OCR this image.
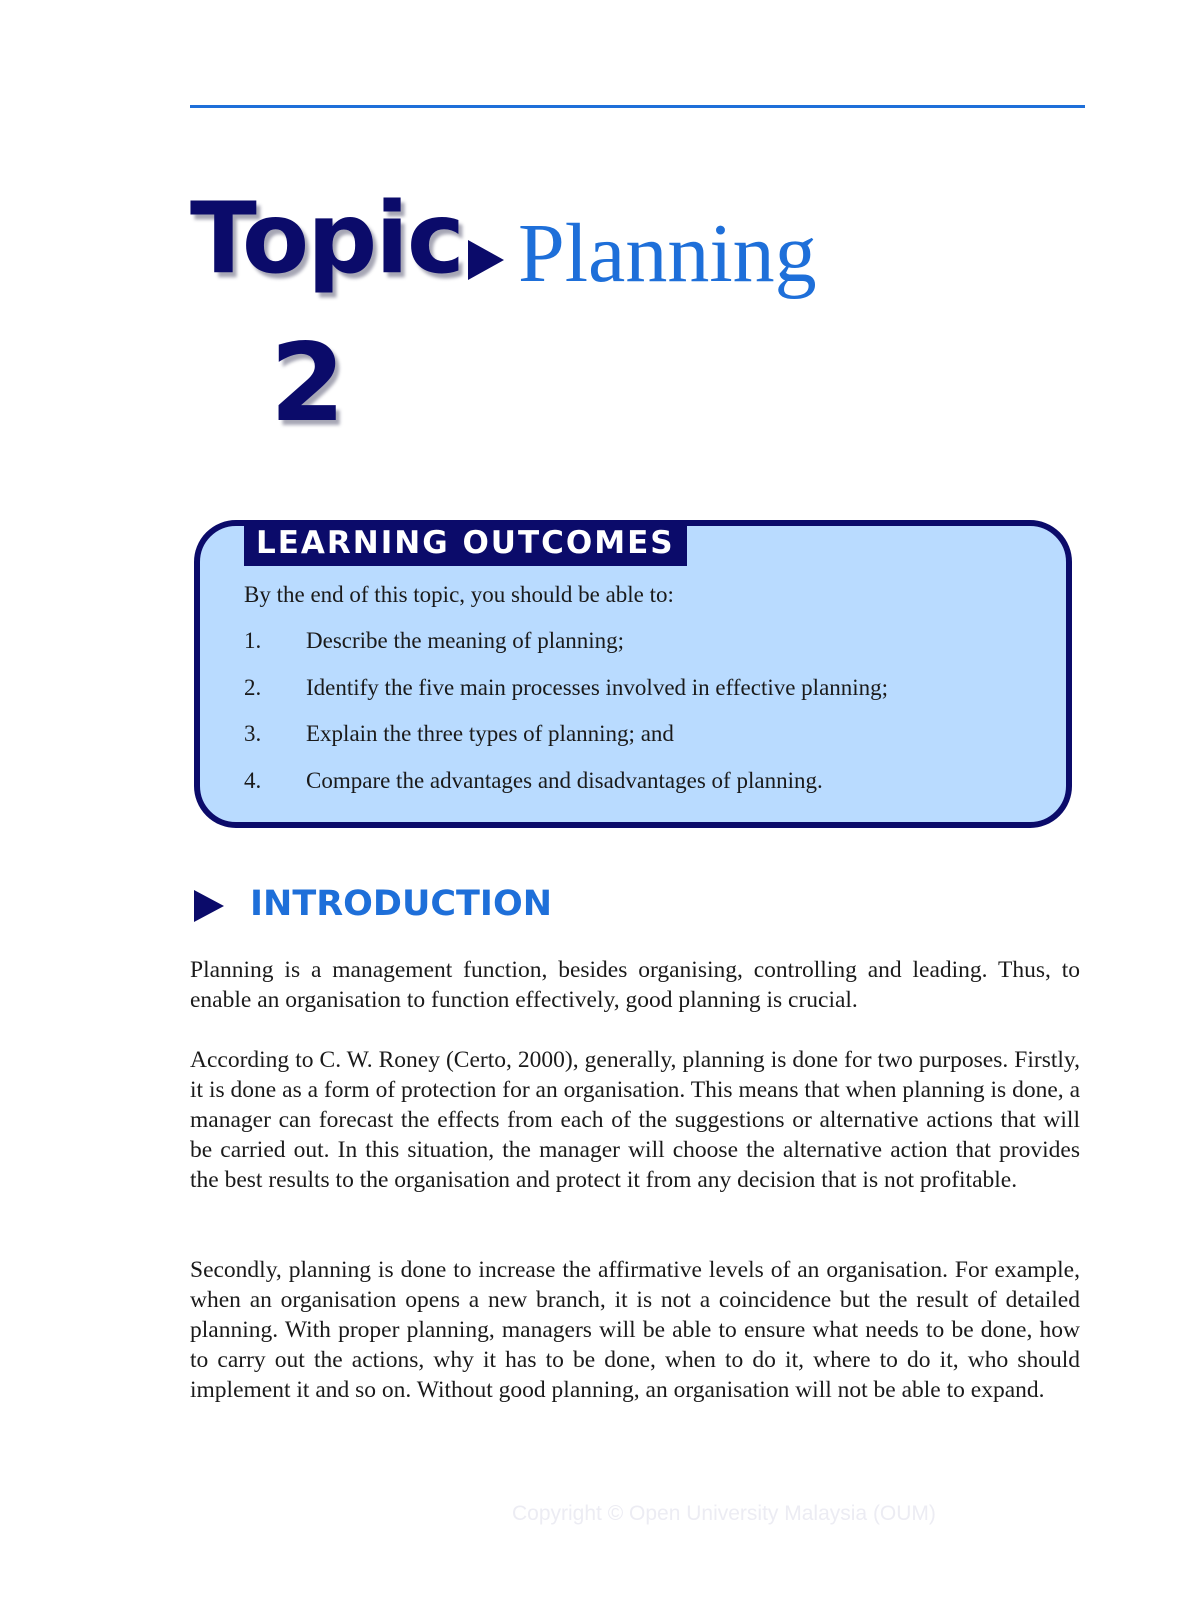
Topic
2
Planning
LEARNING OUTCOMES
By the end of this topic, you should be able to:
1. Describe the meaning of planning;
2. Identify the five main processes involved in effective planning;
3. Explain the three types of planning; and
4. Compare the advantages and disadvantages of planning.
INTRODUCTION

Planning is a management function, besides organising, controlling and leading. Thus, to enable an organisation to function effectively, good planning is crucial.

According to C. W. Roney (Certo, 2000), generally, planning is done for two purposes. Firstly, it is done as a form of protection for an organisation. This means that when planning is done, a manager can forecast the effects from each of the suggestions or alternative actions that will be carried out. In this situation, the manager will choose the alternative action that provides the best results to the organisation and protect it from any decision that is not profitable.

Secondly, planning is done to increase the affirmative levels of an organisation. For example, when an organisation opens a new branch, it is not a coincidence but the result of detailed planning. With proper planning, managers will be able to ensure what needs to be done, how to carry out the actions, why it has to be done, when to do it, where to do it, who should implement it and so on. Without good planning, an organisation will not be able to expand.

Copyright © Open University Malaysia (OUM)
